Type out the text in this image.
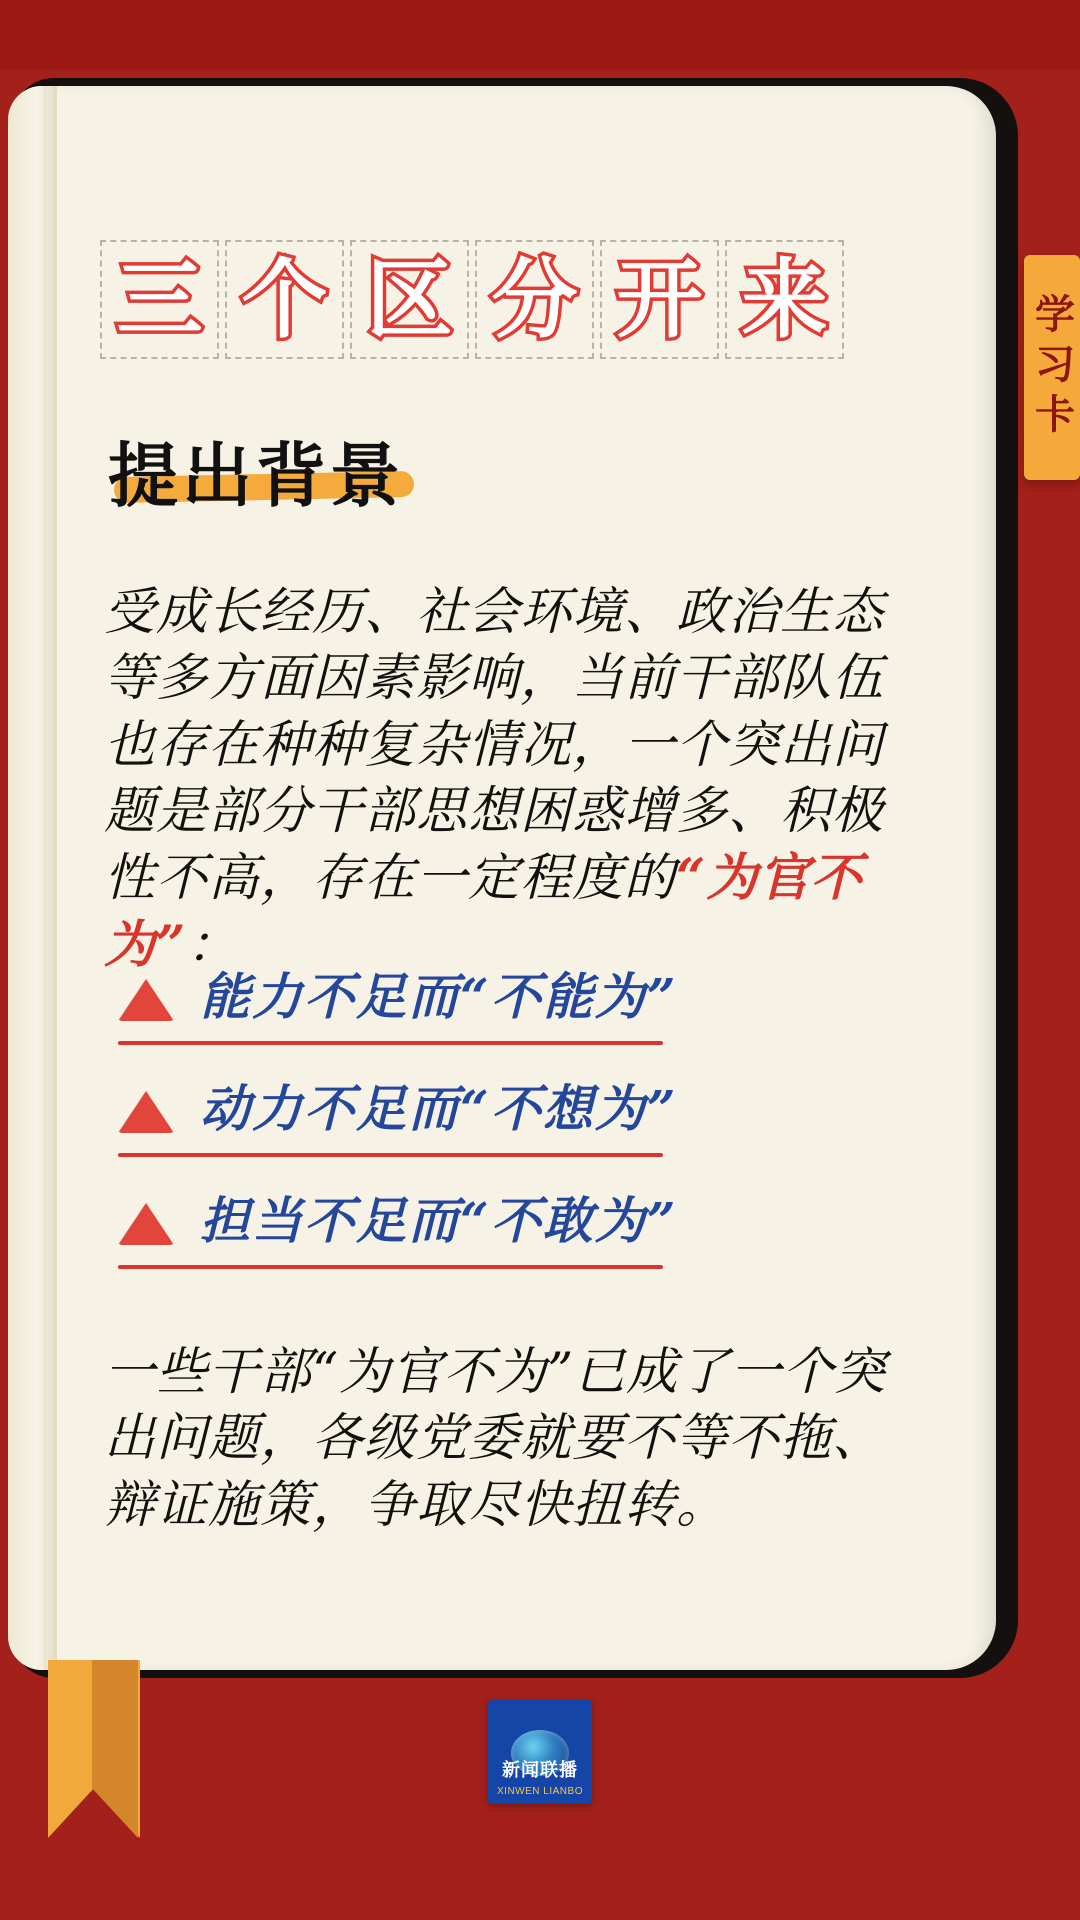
学习卡
三 个 区 分 开 来
提出背景
受成长经历、社会环境、政治生态等多方面因素影响，当前干部队伍也存在种种复杂情况，一个突出问题是部分干部思想困惑增多、积极性不高，存在一定程度的“为官不为”：
能力不足而“不能为”
动力不足而“不想为”
担当不足而“不敢为”
一些干部“为官不为”已成了一个突出问题，各级党委就要不等不拖、辩证施策，争取尽快扭转。
新闻联播
XINWEN LIANBO
